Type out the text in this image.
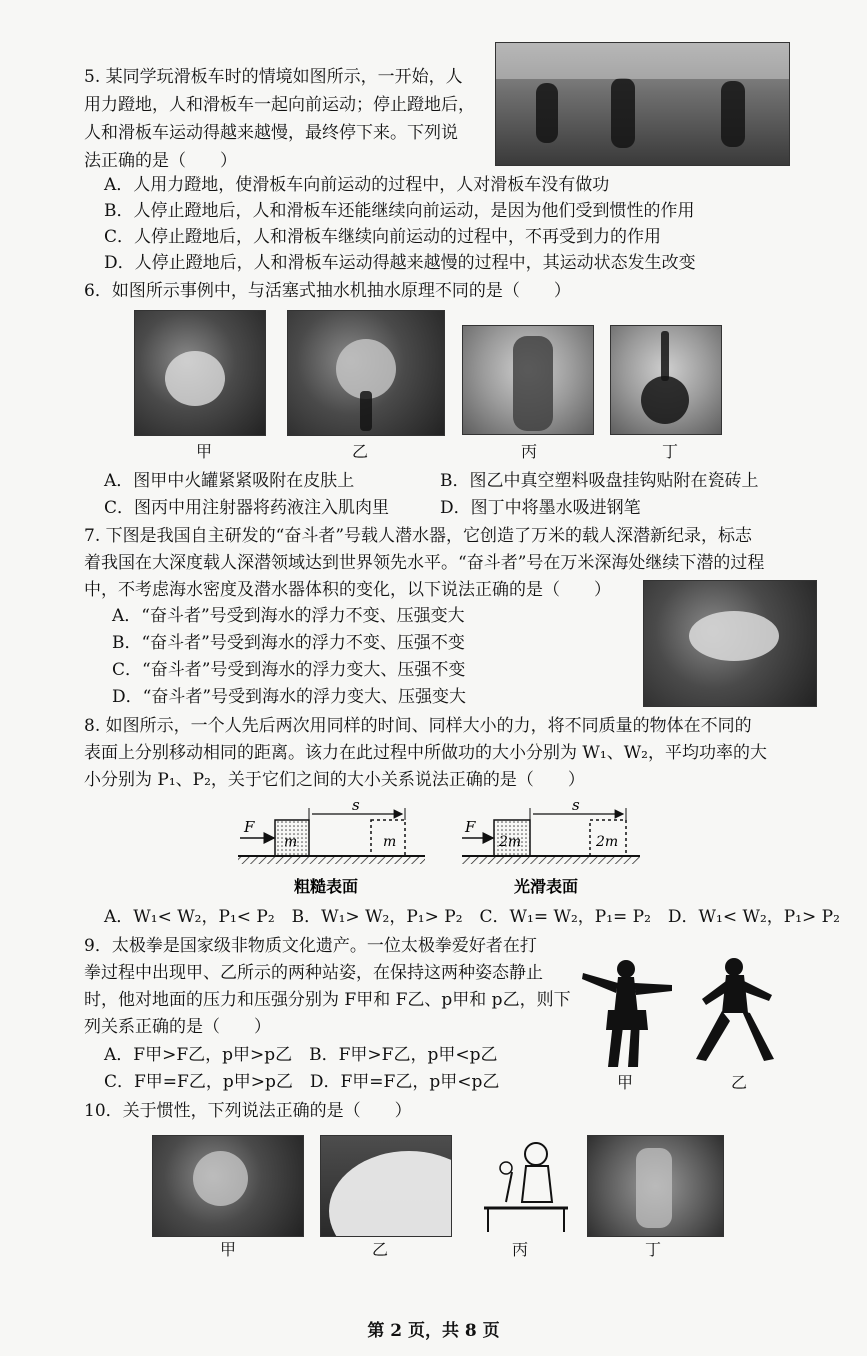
5. 某同学玩滑板车时的情境如图所示，一开始，人
用力蹬地，人和滑板车一起向前运动；停止蹬地后，
人和滑板车运动得越来越慢，最终停下来。下列说
法正确的是（　　）
A．人用力蹬地，使滑板车向前运动的过程中，人对滑板车没有做功
B．人停止蹬地后，人和滑板车还能继续向前运动，是因为他们受到惯性的作用
C．人停止蹬地后，人和滑板车继续向前运动的过程中，不再受到力的作用
D．人停止蹬地后，人和滑板车运动得越来越慢的过程中，其运动状态发生改变
6．如图所示事例中，与活塞式抽水机抽水原理不同的是（　　）
甲	乙	丙	丁
A．图甲中火罐紧紧吸附在皮肤上	B．图乙中真空塑料吸盘挂钩贴附在瓷砖上
C．图丙中用注射器将药液注入肌肉里	D．图丁中将墨水吸进钢笔
7. 下图是我国自主研发的“奋斗者”号载人潜水器，它创造了万米的载人深潜新纪录，标志
着我国在大深度载人深潜领域达到世界领先水平。“奋斗者”号在万米深海处继续下潜的过程
中，不考虑海水密度及潜水器体积的变化，以下说法正确的是（　　）
A．“奋斗者”号受到海水的浮力不变、压强变大
B．“奋斗者”号受到海水的浮力不变、压强不变
C．“奋斗者”号受到海水的浮力变大、压强不变
D．“奋斗者”号受到海水的浮力变大、压强变大
8. 如图所示，一个人先后两次用同样的时间、同样大小的力，将不同质量的物体在不同的
表面上分别移动相同的距离。该力在此过程中所做功的大小分别为 W₁、W₂，平均功率的大
小分别为 P₁、P₂，关于它们之间的大小关系说法正确的是（　　）
F
s
m	m
粗糙表面
F
s
2m	2m
光滑表面
A．W₁< W₂，P₁< P₂　B．W₁> W₂，P₁> P₂　C．W₁= W₂，P₁= P₂　D．W₁< W₂，P₁> P₂
9．太极拳是国家级非物质文化遗产。一位太极拳爱好者在打
拳过程中出现甲、乙所示的两种站姿，在保持这两种姿态静止
时，他对地面的压力和压强分别为 F甲和 F乙、p甲和 p乙，则下
列关系正确的是（　　）
A．F甲>F乙，p甲>p乙　B．F甲>F乙，p甲<p乙
C．F甲=F乙，p甲>p乙　D．F甲=F乙，p甲<p乙	甲	乙
10．关于惯性，下列说法正确的是（　　）
甲	乙	丙	丁
第 2 页，共 8 页
